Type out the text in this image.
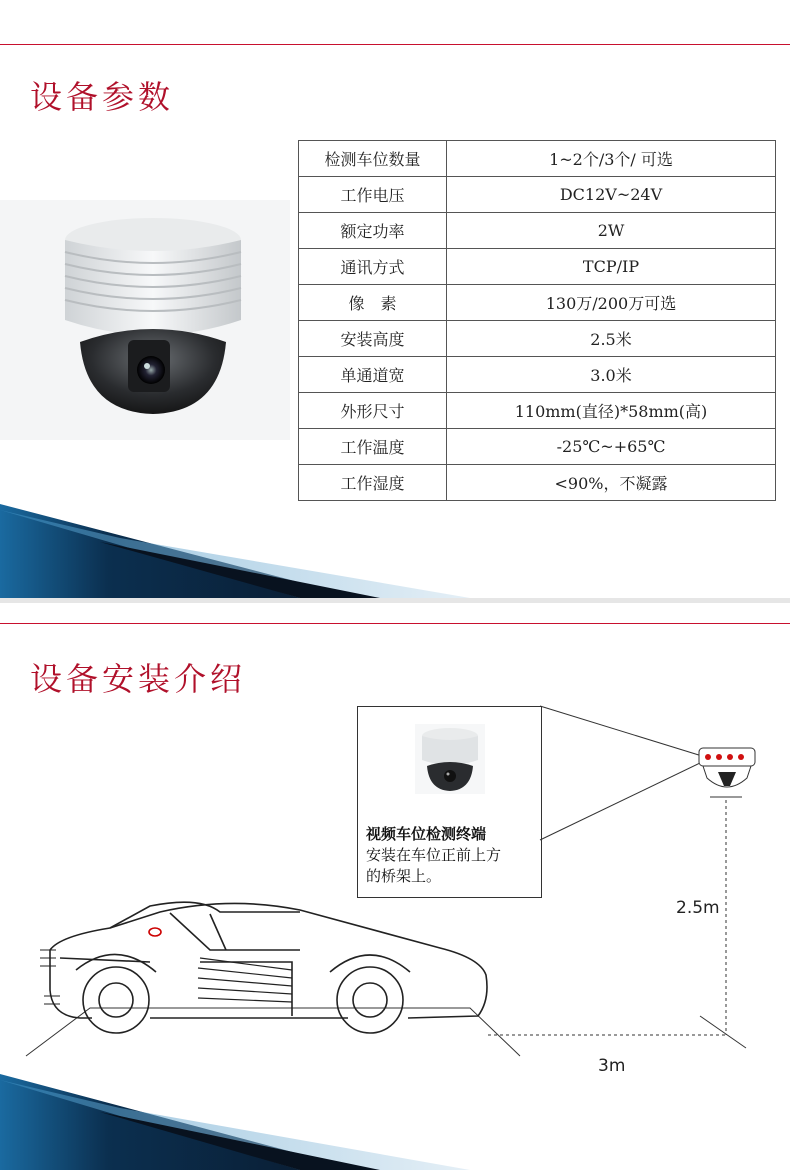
设备参数
检测车位数量	1~2个/3个/ 可选
工作电压	DC12V~24V
额定功率	2W
通讯方式	TCP/IP
像　素	130万/200万可选
安装高度	2.5米
单通道宽	3.0米
外形尺寸	110mm(直径)*58mm(高)
工作温度	-25℃~+65℃
工作湿度	<90%，不凝露
设备安装介绍
视频车位检测终端
安装在车位正前上方
的桥架上。
2.5m
3m
